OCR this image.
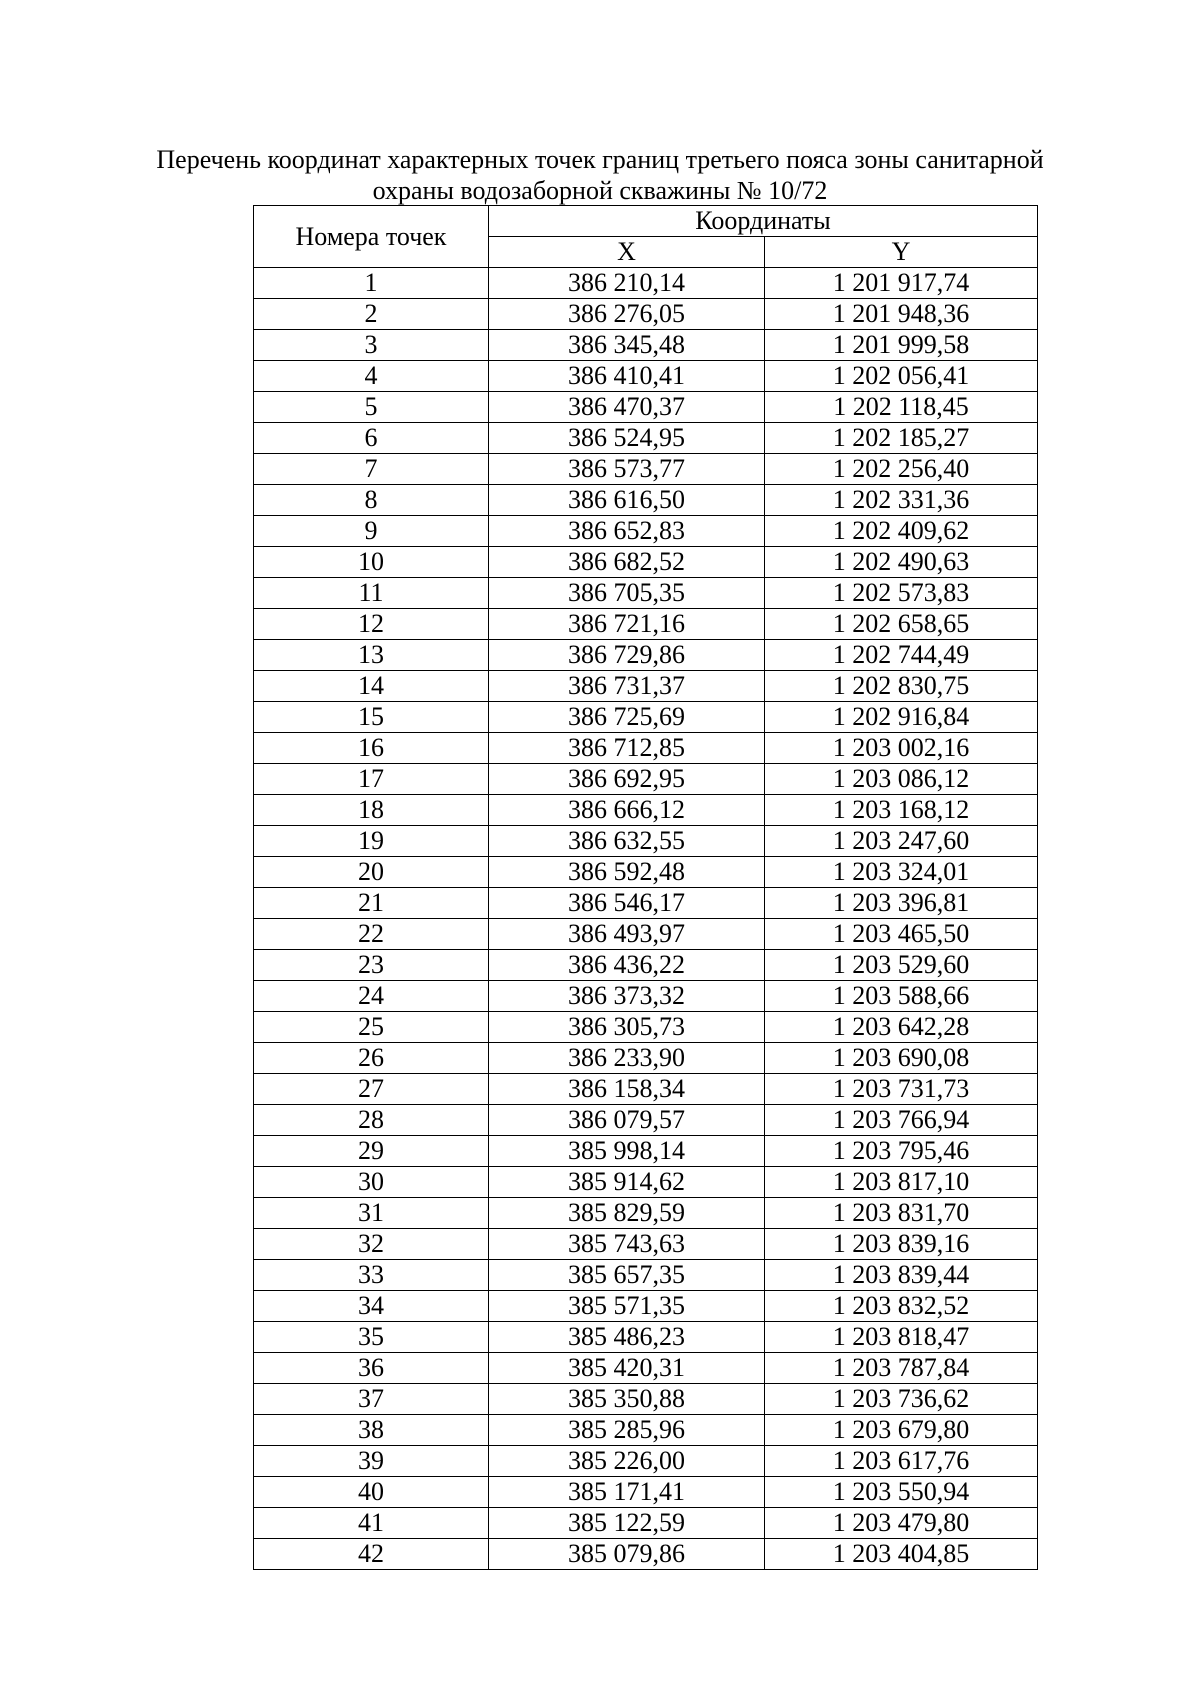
Перечень координат характерных точек границ третьего пояса зоны санитарной
охраны водозаборной скважины № 10/72
Номера точек	Координаты	
	X	Y
1	386 210,14	1 201 917,74
2	386 276,05	1 201 948,36
3	386 345,48	1 201 999,58
4	386 410,41	1 202 056,41
5	386 470,37	1 202 118,45
6	386 524,95	1 202 185,27
7	386 573,77	1 202 256,40
8	386 616,50	1 202 331,36
9	386 652,83	1 202 409,62
10	386 682,52	1 202 490,63
11	386 705,35	1 202 573,83
12	386 721,16	1 202 658,65
13	386 729,86	1 202 744,49
14	386 731,37	1 202 830,75
15	386 725,69	1 202 916,84
16	386 712,85	1 203 002,16
17	386 692,95	1 203 086,12
18	386 666,12	1 203 168,12
19	386 632,55	1 203 247,60
20	386 592,48	1 203 324,01
21	386 546,17	1 203 396,81
22	386 493,97	1 203 465,50
23	386 436,22	1 203 529,60
24	386 373,32	1 203 588,66
25	386 305,73	1 203 642,28
26	386 233,90	1 203 690,08
27	386 158,34	1 203 731,73
28	386 079,57	1 203 766,94
29	385 998,14	1 203 795,46
30	385 914,62	1 203 817,10
31	385 829,59	1 203 831,70
32	385 743,63	1 203 839,16
33	385 657,35	1 203 839,44
34	385 571,35	1 203 832,52
35	385 486,23	1 203 818,47
36	385 420,31	1 203 787,84
37	385 350,88	1 203 736,62
38	385 285,96	1 203 679,80
39	385 226,00	1 203 617,76
40	385 171,41	1 203 550,94
41	385 122,59	1 203 479,80
42	385 079,86	1 203 404,85
